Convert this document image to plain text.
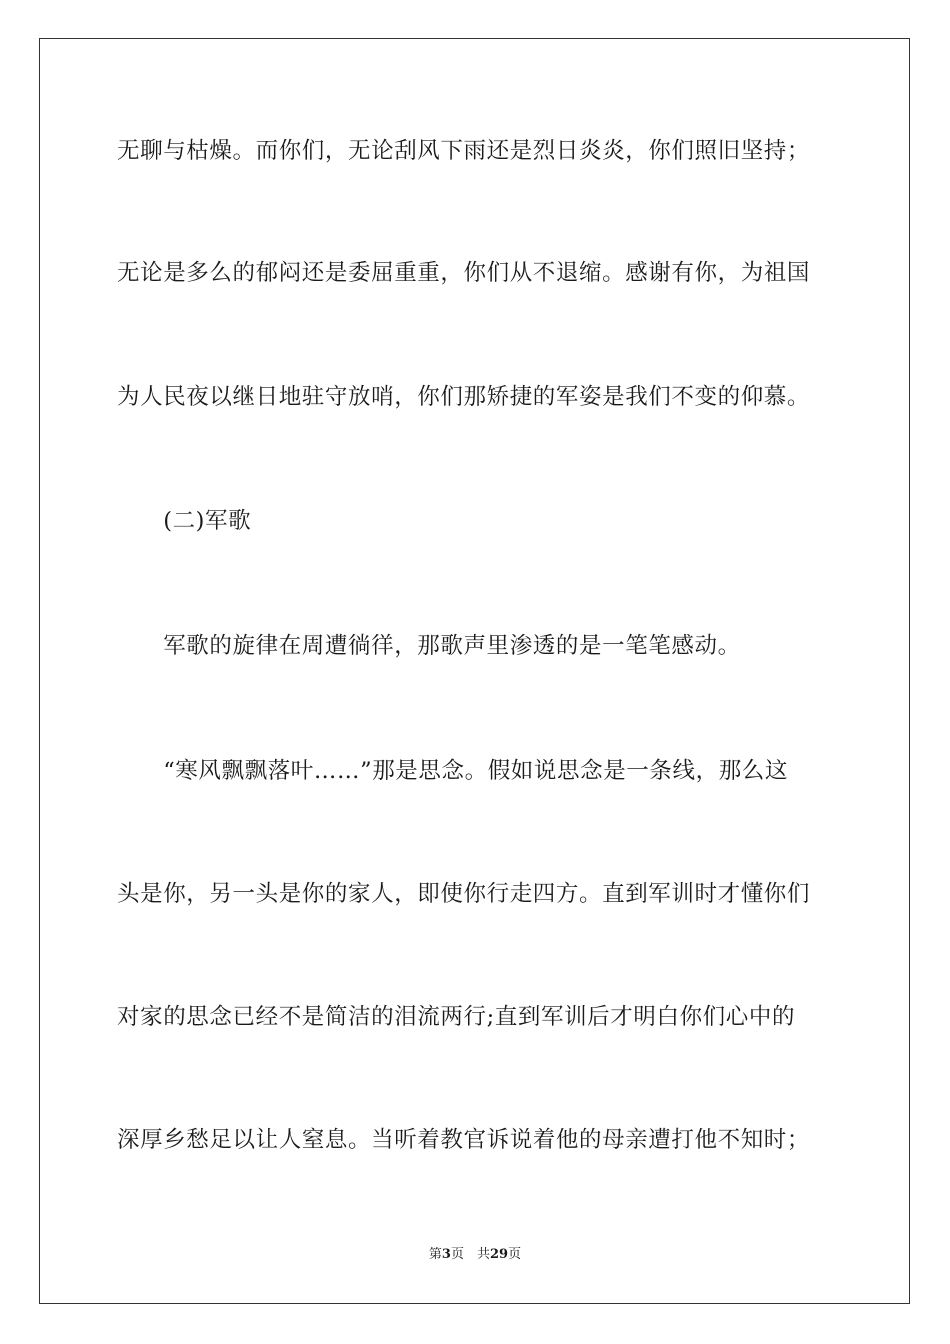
无聊与枯燥。而你们，无论刮风下雨还是烈日炎炎，你们照旧坚持；
无论是多么的郁闷还是委屈重重，你们从不退缩。感谢有你，为祖国
为人民夜以继日地驻守放哨，你们那矫捷的军姿是我们不变的仰慕。
　　(二)军歌
　　军歌的旋律在周遭徜徉，那歌声里渗透的是一笔笔感动。
　　“寒风飘飘落叶……”那是思念。假如说思念是一条线，那么这
头是你，另一头是你的家人，即使你行走四方。直到军训时才懂你们
对家的思念已经不是简洁的泪流两行;直到军训后才明白你们心中的
深厚乡愁足以让人窒息。当听着教官诉说着他的母亲遭打他不知时；
第3页　共29页
